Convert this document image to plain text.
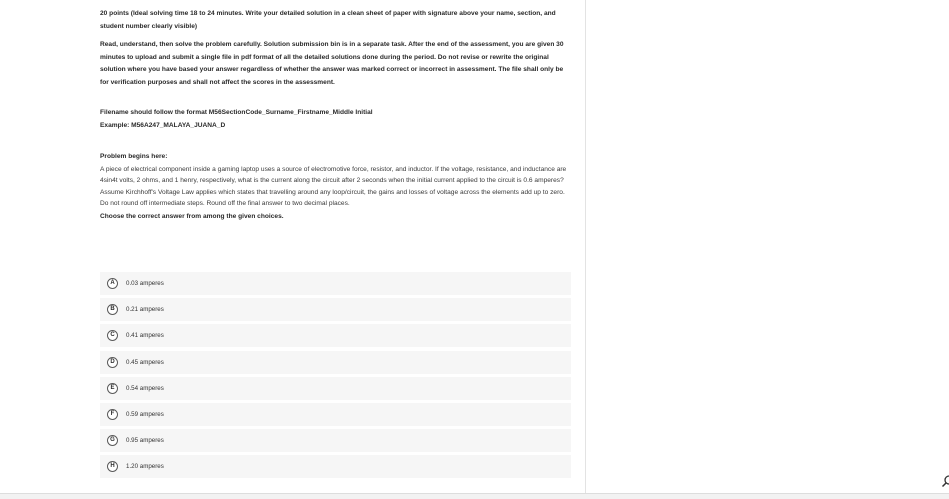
20 points (Ideal solving time 18 to 24 minutes. Write your detailed solution in a clean sheet of paper with signature above your name, section, and student number clearly visible)

Read, understand, then solve the problem carefully. Solution submission bin is in a separate task. After the end of the assessment, you are given 30 minutes to upload and submit a single file in pdf format of all the detailed solutions done during the period. Do not revise or rewrite the original solution where you have based your answer regardless of whether the answer was marked correct or incorrect in assessment. The file shall only be for verification purposes and shall not affect the scores in the assessment.

Filename should follow the format M56SectionCode_Surname_Firstname_Middle Initial

Example: M56A247_MALAYA_JUANA_D

Problem begins here:

A piece of electrical component inside a gaming laptop uses a source of electromotive force, resistor, and inductor. If the voltage, resistance, and inductance are 4sin4t volts, 2 ohms, and 1 henry, respectively, what is the current along the circuit after 2 seconds when the initial current applied to the circuit is 0.6 amperes? Assume Kirchhoff's Voltage Law applies which states that travelling around any loop/circuit, the gains and losses of voltage across the elements add up to zero. Do not round off intermediate steps. Round off the final answer to two decimal places.

Choose the correct answer from among the given choices.

A	0.03 amperes
B	0.21 amperes
C	0.41 amperes
D	0.45 amperes
E	0.54 amperes
F	0.59 amperes
G	0.95 amperes
H	1.20 amperes
